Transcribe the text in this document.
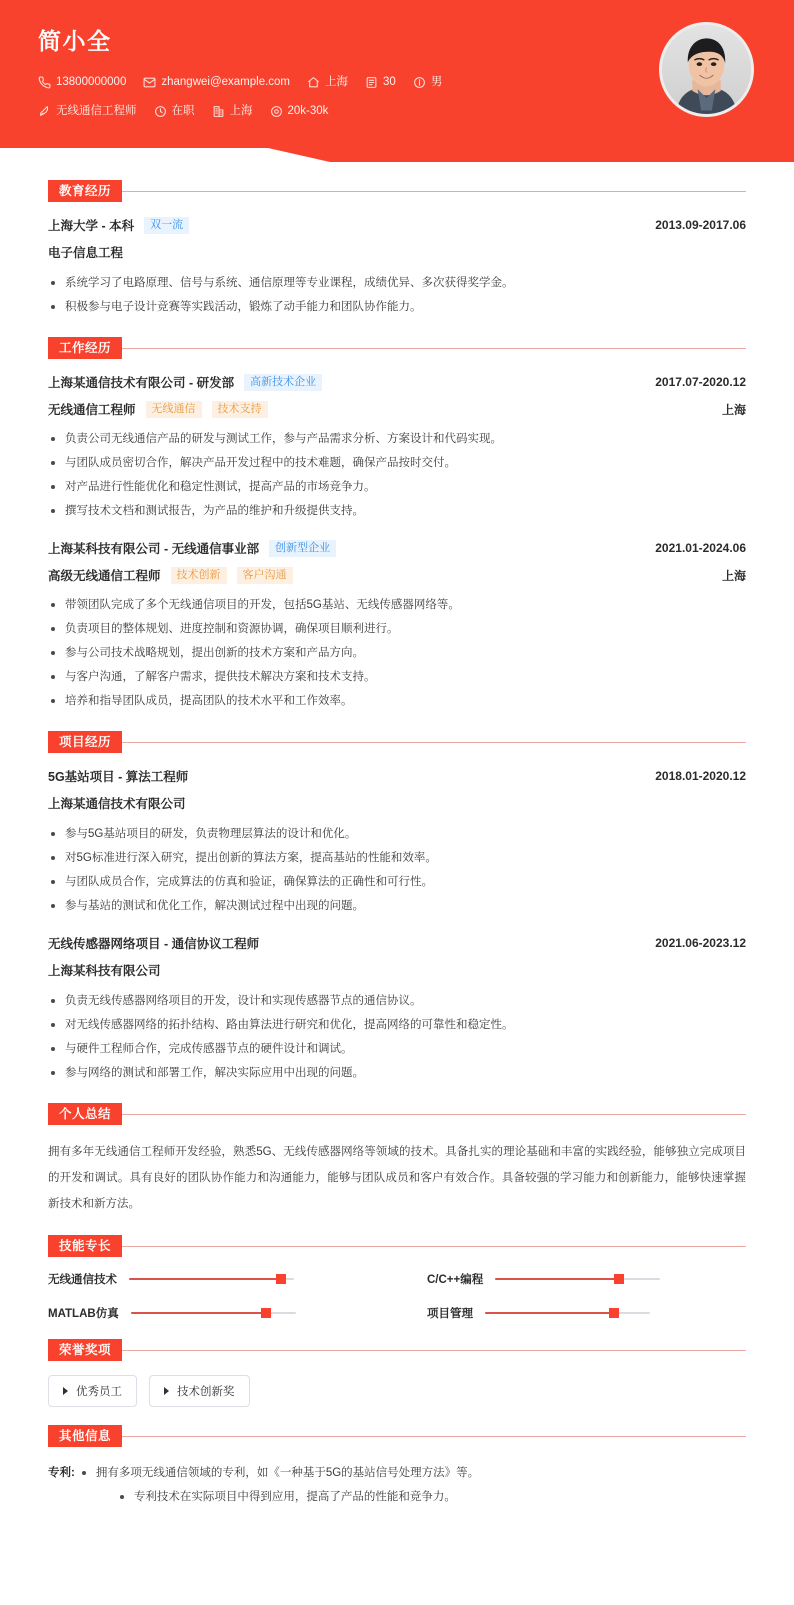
简小全
13800000000	zhangwei@example.com	上海	30	男
无线通信工程师	在职	上海	20k-30k
教育经历
上海大学 - 本科	双一流	2013.09-2017.06
电子信息工程
系统学习了电路原理、信号与系统、通信原理等专业课程，成绩优异、多次获得奖学金。
积极参与电子设计竞赛等实践活动，锻炼了动手能力和团队协作能力。
工作经历
上海某通信技术有限公司 - 研发部	高新技术企业	2017.07-2020.12
无线通信工程师	无线通信	技术支持	上海
负责公司无线通信产品的研发与测试工作，参与产品需求分析、方案设计和代码实现。
与团队成员密切合作，解决产品开发过程中的技术难题，确保产品按时交付。
对产品进行性能优化和稳定性测试，提高产品的市场竞争力。
撰写技术文档和测试报告，为产品的维护和升级提供支持。
上海某科技有限公司 - 无线通信事业部	创新型企业	2021.01-2024.06
高级无线通信工程师	技术创新	客户沟通	上海
带领团队完成了多个无线通信项目的开发，包括5G基站、无线传感器网络等。
负责项目的整体规划、进度控制和资源协调，确保项目顺利进行。
参与公司技术战略规划，提出创新的技术方案和产品方向。
与客户沟通，了解客户需求，提供技术解决方案和技术支持。
培养和指导团队成员，提高团队的技术水平和工作效率。
项目经历
5G基站项目 - 算法工程师	2018.01-2020.12
上海某通信技术有限公司
参与5G基站项目的研发，负责物理层算法的设计和优化。
对5G标准进行深入研究，提出创新的算法方案，提高基站的性能和效率。
与团队成员合作，完成算法的仿真和验证，确保算法的正确性和可行性。
参与基站的测试和优化工作，解决测试过程中出现的问题。
无线传感器网络项目 - 通信协议工程师	2021.06-2023.12
上海某科技有限公司
负责无线传感器网络项目的开发，设计和实现传感器节点的通信协议。
对无线传感器网络的拓扑结构、路由算法进行研究和优化，提高网络的可靠性和稳定性。
与硬件工程师合作，完成传感器节点的硬件设计和调试。
参与网络的测试和部署工作，解决实际应用中出现的问题。
个人总结
拥有多年无线通信工程师开发经验，熟悉5G、无线传感器网络等领域的技术。具备扎实的理论基础和丰富的实践经验，能够独立完成项目的开发和调试。具有良好的团队协作能力和沟通能力，能够与团队成员和客户有效合作。具备较强的学习能力和创新能力，能够快速掌握新技术和新方法。
技能专长
无线通信技术	C/C++编程
MATLAB仿真	项目管理
荣誉奖项
优秀员工	技术创新奖
其他信息
专利:	拥有多项无线通信领域的专利，如《一种基于5G的基站信号处理方法》等。
专利技术在实际项目中得到应用，提高了产品的性能和竞争力。
